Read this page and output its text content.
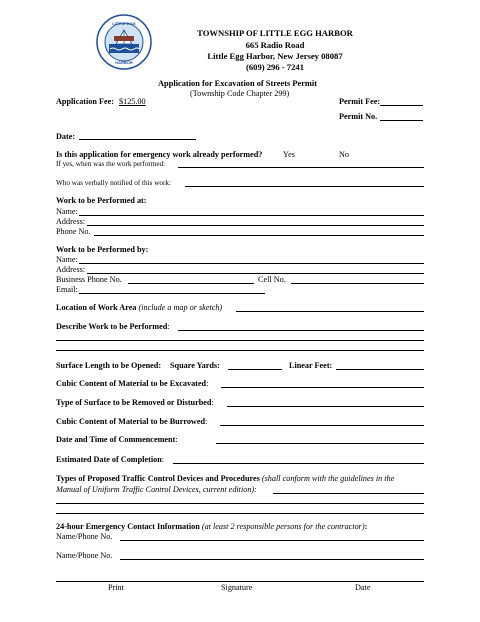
LITTLE EGG
HARBOR
TOWNSHIP OF LITTLE EGG HARBOR
665 Radio Road
Little Egg Harbor, New Jersey 08087
(609) 296 - 7241
Application for Excavation of Streets Permit
(Township Code Chapter 299)
Application Fee: $125.00	Permit Fee:
Permit No.
Date:
Is this application for emergency work already performed?	Yes	No
If yes, when was the work performed:
Who was verbally notified of this work:
Work to be Performed at:
Name:
Address:
Phone No.
Work to be Performed by:
Name:
Address:
Business Phone No.	Cell No.
Email:
Location of Work Area (include a map or sketch)
Describe Work to be Performed:
Surface Length to be Opened: Square Yards:	Linear Feet:
Cubic Content of Material to be Excavated:
Type of Surface to be Removed or Disturbed:
Cubic Content of Material to be Burrowed:
Date and Time of Commencement:
Estimated Date of Completion:
Types of Proposed Traffic Control Devices and Procedures (shall conform with the guidelines in the
Manual of Uniform Traffic Control Devices, current edition):
24-hour Emergency Contact Information (at least 2 responsible persons for the contractor):
Name/Phone No.
Name/Phone No.
Print	Signature	Date
